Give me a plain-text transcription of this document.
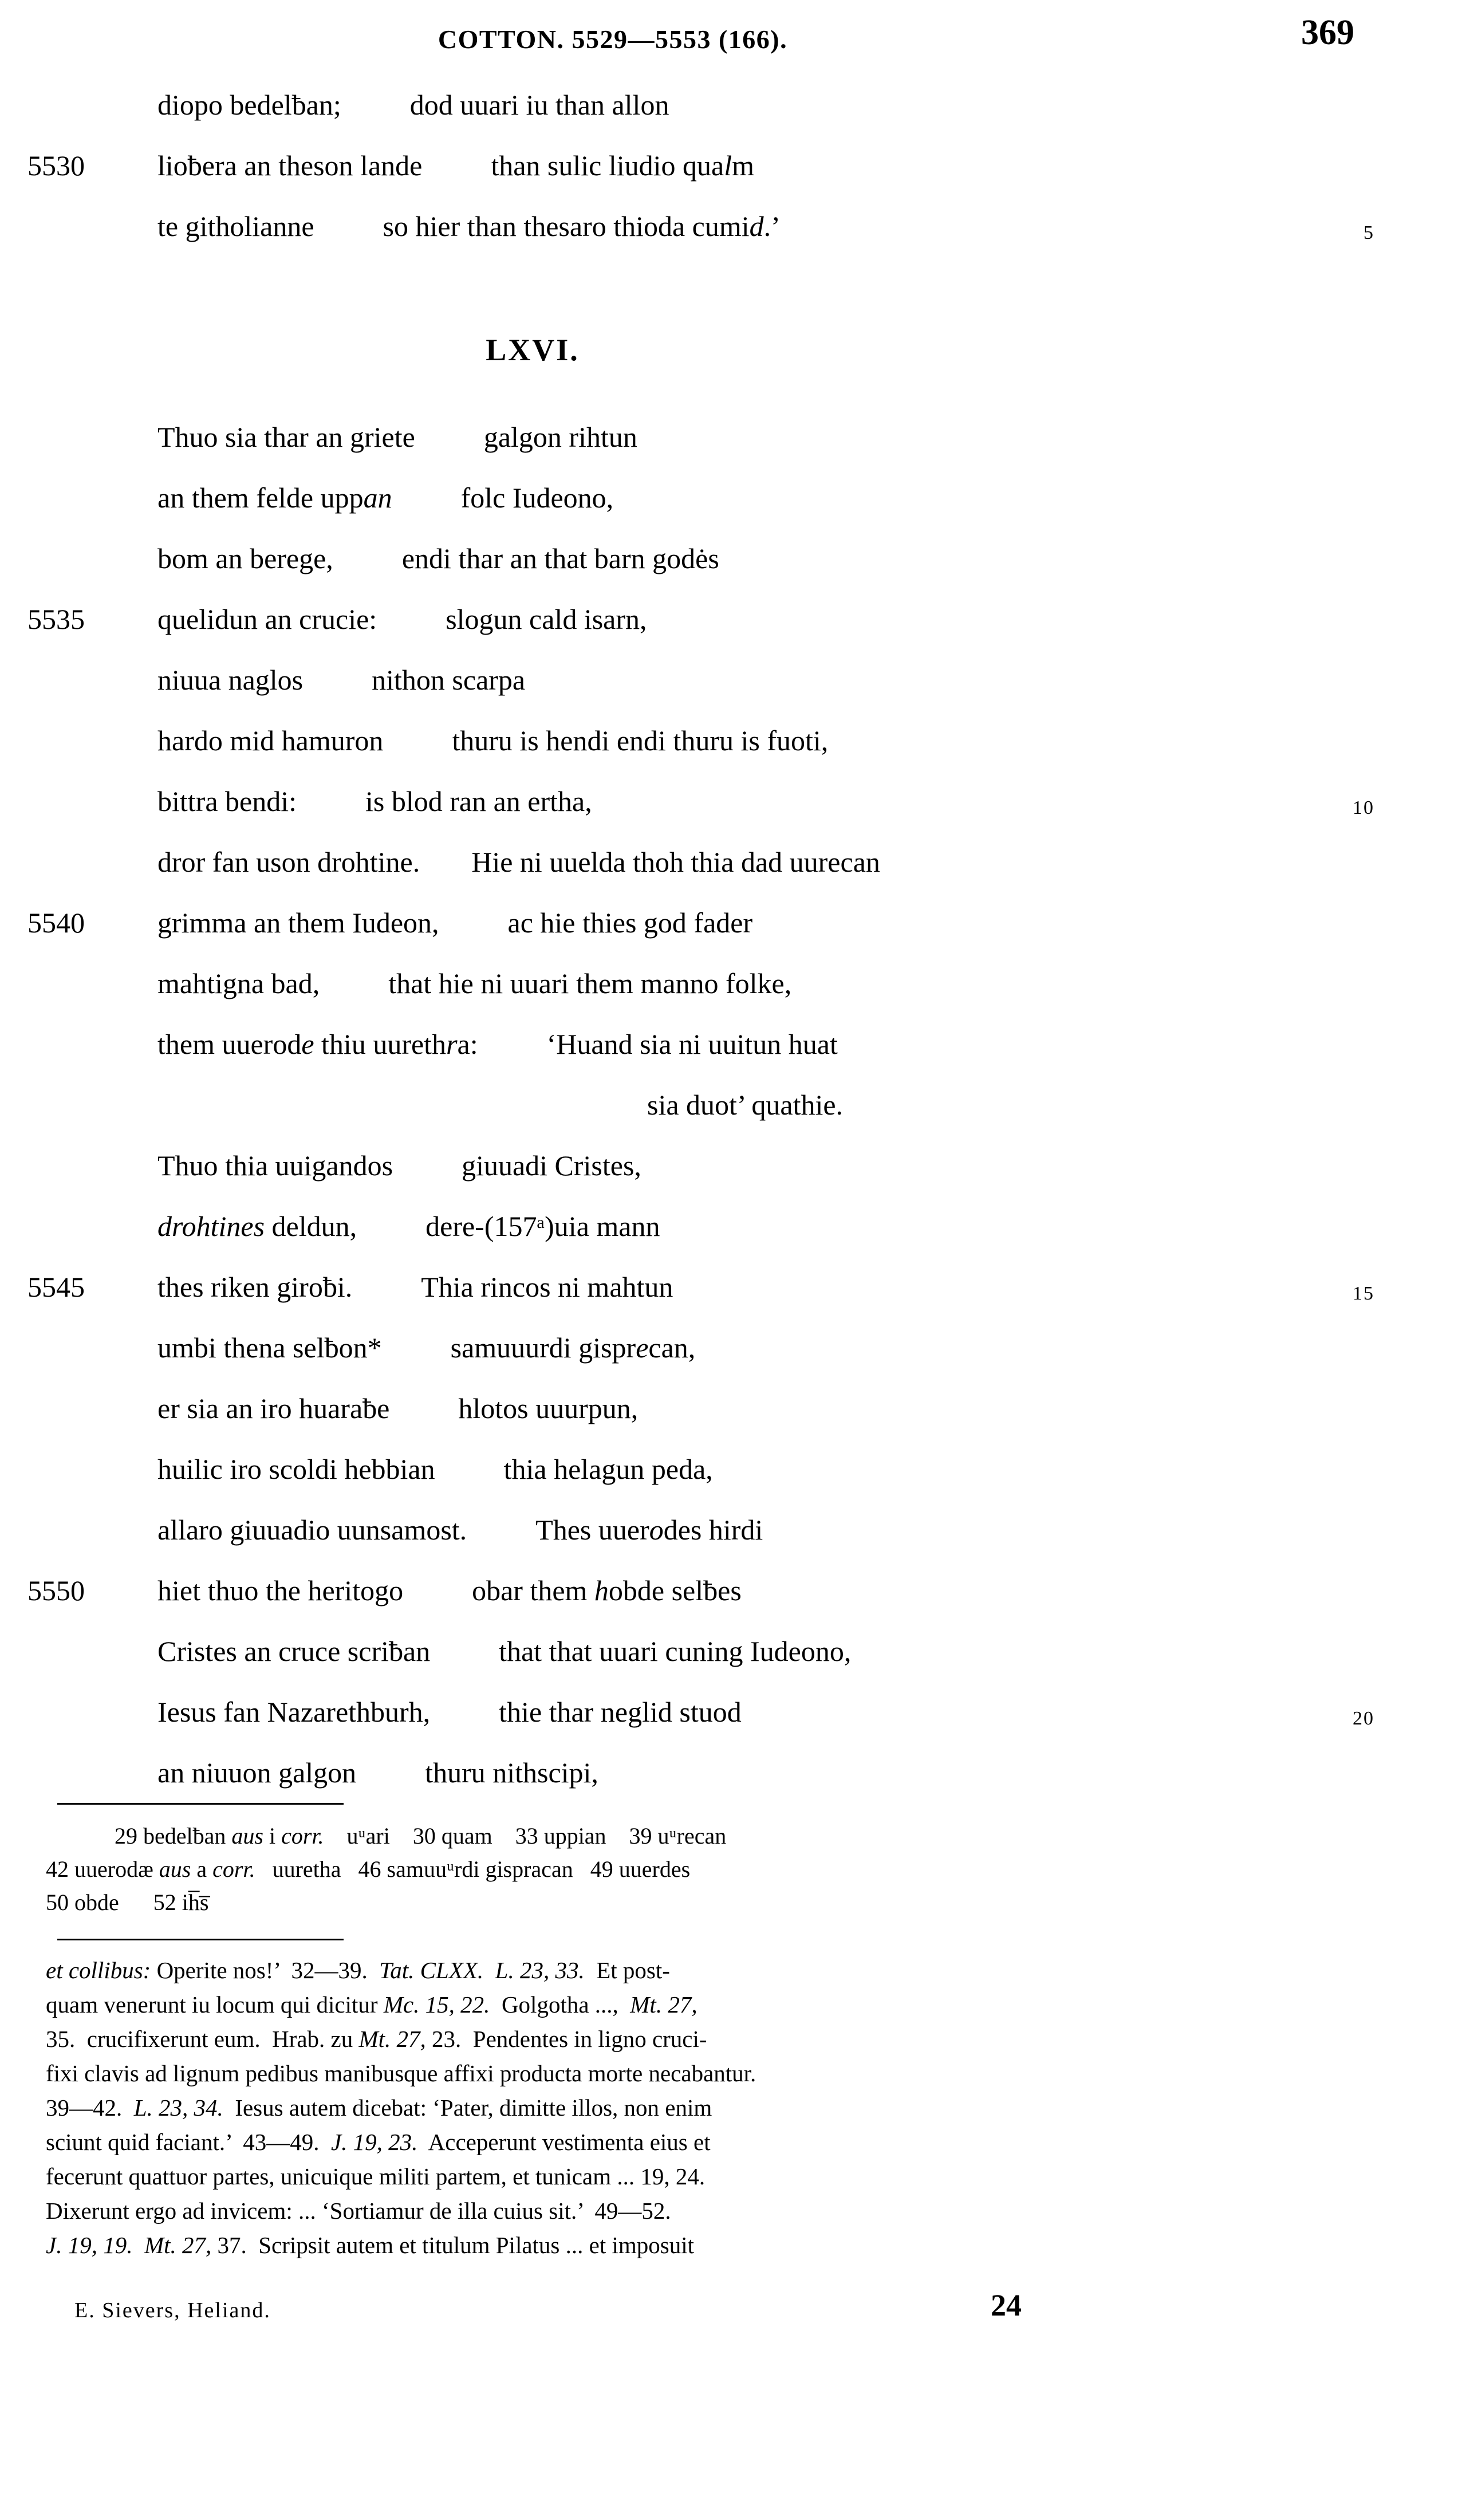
COTTON. 5529—5553 (166).	369
diopo bedelƀan; dod uuari iu than allon
5530	lioƀera an theson lande than sulic liudio qualm
te githolianne so hier than thesaro thioda cumid.’	5
LXVI.
Thuo sia thar an griete galgon rihtun
an them felde uppan folc Iudeono,
bom an berege, endi thar an that barn godės
5535	quelidun an crucie: slogun cald isarn,
niuua naglos nithon scarpa
hardo mid hamuron thuru is hendi endi thuru is fuoti,
bittra bendi: is blod ran an ertha,	10
dror fan uson drohtine. Hie ni uuelda thoh thia dad uurecan
5540	grimma an them Iudeon, ac hie thies god fader
mahtigna bad, that hie ni uuari them manno folke,
them uuerode thiu uurethra: ‘Huand sia ni uuitun huat
sia duot’ quathie.
Thuo thia uuigandos giuuadi Cristes,
drohtines deldun, dere-(157ᵃ)uia mann
5545	thes riken giroƀi. Thia rincos ni mahtun	15
umbi thena selƀon* samuuurdi gisprecan,
er sia an iro huaraƀe hlotos uuurpun,
huilic iro scoldi hebbian thia helagun peda,
allaro giuuadio uunsamost. Thes uuerodes hirdi
5550	hiet thuo the heritogo obar them hobde selƀes
Cristes an cruce scriƀan that that uuari cuning Iudeono,
Iesus fan Nazarethburh, thie thar neglid stuod	20
an niuuon galgon thuru nithscipi,
29 bedelƀan aus i corr.    uᵘari    30 quam    33 uppian    39 uᵘrecan
42 uuerodæ aus a corr.   uuretha   46 samuuᵘrdi gispracan   49 uuerdes
50 obde      52 ih̅s̅
et collibus: Operite nos!’  32—39.  Tat. CLXX. L. 23, 33.  Et post-
quam venerunt iu locum qui dicitur Mc. 15, 22.  Golgotha ...,  Mt. 27,
35.  crucifixerunt eum.  Hrab. zu Mt. 27, 23.  Pendentes in ligno cruci-
fixi clavis ad lignum pedibus manibusque affixi producta morte necabantur.
39—42.  L. 23, 34.  Iesus autem dicebat: ‘Pater, dimitte illos, non enim
sciunt quid faciant.’  43—49.  J. 19, 23.  Acceperunt vestimenta eius et
fecerunt quattuor partes, unicuique militi partem, et tunicam ... 19, 24.
Dixerunt ergo ad invicem: ... ‘Sortiamur de illa cuius sit.’  49—52.
J. 19, 19. Mt. 27, 37.  Scripsit autem et titulum Pilatus ... et imposuit
E. Sievers, Heliand.	24
